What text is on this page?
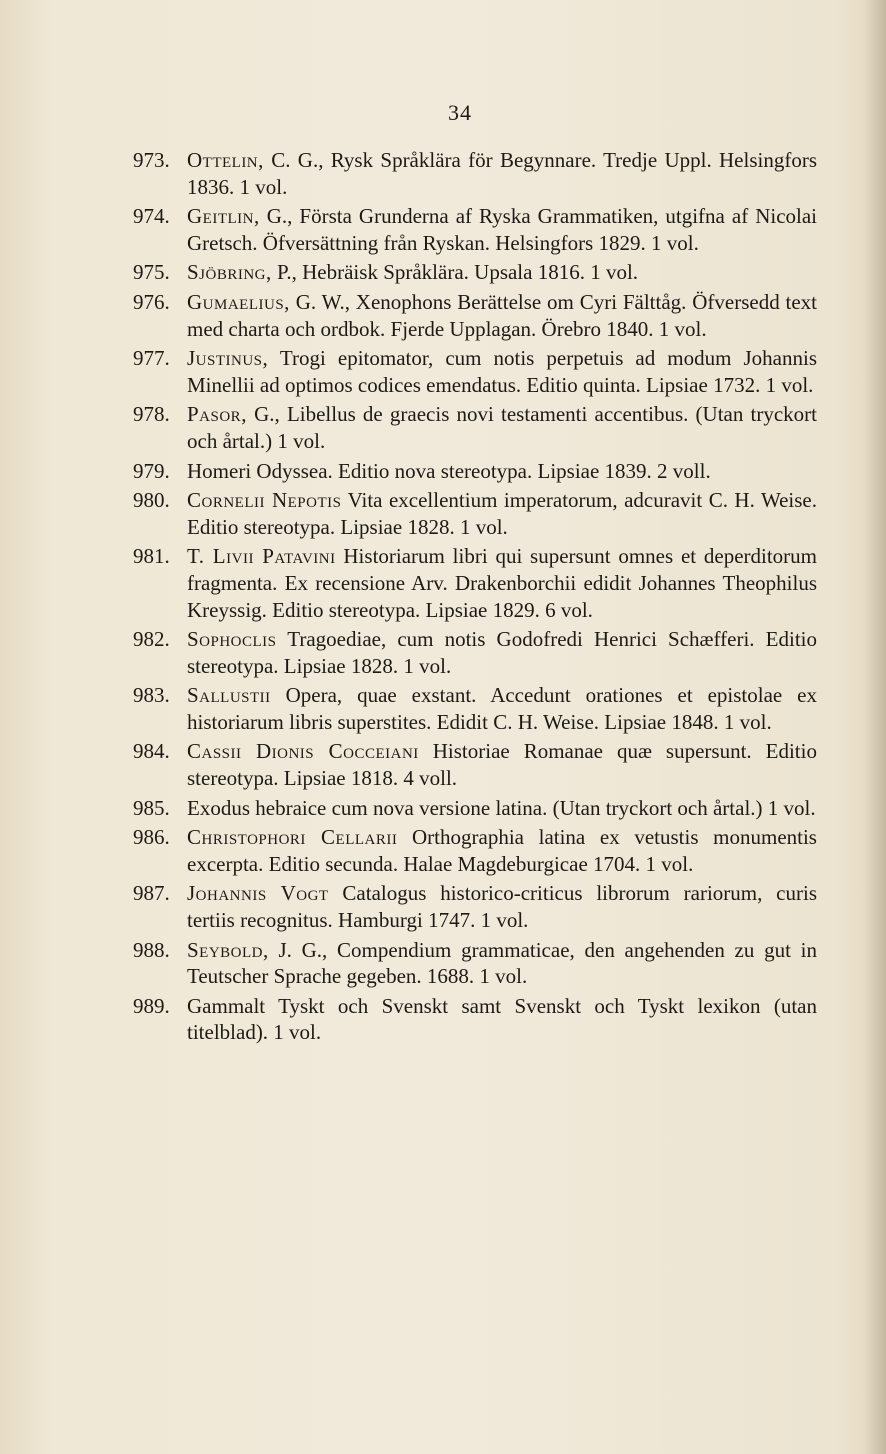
34
973. Ottelin, C. G., Rysk Språklära för Begynnare. Tredje Uppl. Helsingfors 1836. 1 vol.
974. Geitlin, G., Första Grunderna af Ryska Grammatiken, utgifna af Nicolai Gretsch. Öfversättning från Ryskan. Helsingfors 1829. 1 vol.
975. Sjöbring, P., Hebräisk Språklära. Upsala 1816. 1 vol.
976. Gumaelius, G. W., Xenophons Berättelse om Cyri Fälttåg. Öfversedd text med charta och ordbok. Fjerde Upplagan. Örebro 1840. 1 vol.
977. Justinus, Trogi epitomator, cum notis perpetuis ad modum Johannis Minellii ad optimos codices emendatus. Editio quinta. Lipsiae 1732. 1 vol.
978. Pasor, G., Libellus de graecis novi testamenti accentibus. (Utan tryckort och årtal.) 1 vol.
979. Homeri Odyssea. Editio nova stereotypa. Lipsiae 1839. 2 voll.
980. Cornelii Nepotis Vita excellentium imperatorum, adcuravit C. H. Weise. Editio stereotypa. Lipsiae 1828. 1 vol.
981. T. Livii Patavini Historiarum libri qui supersunt omnes et deperditorum fragmenta. Ex recensione Arv. Drakenborchii edidit Johannes Theophilus Kreyssig. Editio stereotypa. Lipsiae 1829. 6 vol.
982. Sophoclis Tragoediae, cum notis Godofredi Henrici Schæfferi. Editio stereotypa. Lipsiae 1828. 1 vol.
983. Sallustii Opera, quae exstant. Accedunt orationes et epistolae ex historiarum libris superstites. Edidit C. H. Weise. Lipsiae 1848. 1 vol.
984. Cassii Dionis Cocceiani Historiae Romanae quæ supersunt. Editio stereotypa. Lipsiae 1818. 4 voll.
985. Exodus hebraice cum nova versione latina. (Utan tryckort och årtal.) 1 vol.
986. Christophori Cellarii Orthographia latina ex vetustis monumentis excerpta. Editio secunda. Halae Magdeburgicae 1704. 1 vol.
987. Johannis Vogt Catalogus historico-criticus librorum rariorum, curis tertiis recognitus. Hamburgi 1747. 1 vol.
988. Seybold, J. G., Compendium grammaticae, den angehenden zu gut in Teutscher Sprache gegeben. 1688. 1 vol.
989. Gammalt Tyskt och Svenskt samt Svenskt och Tyskt lexikon (utan titelblad). 1 vol.
